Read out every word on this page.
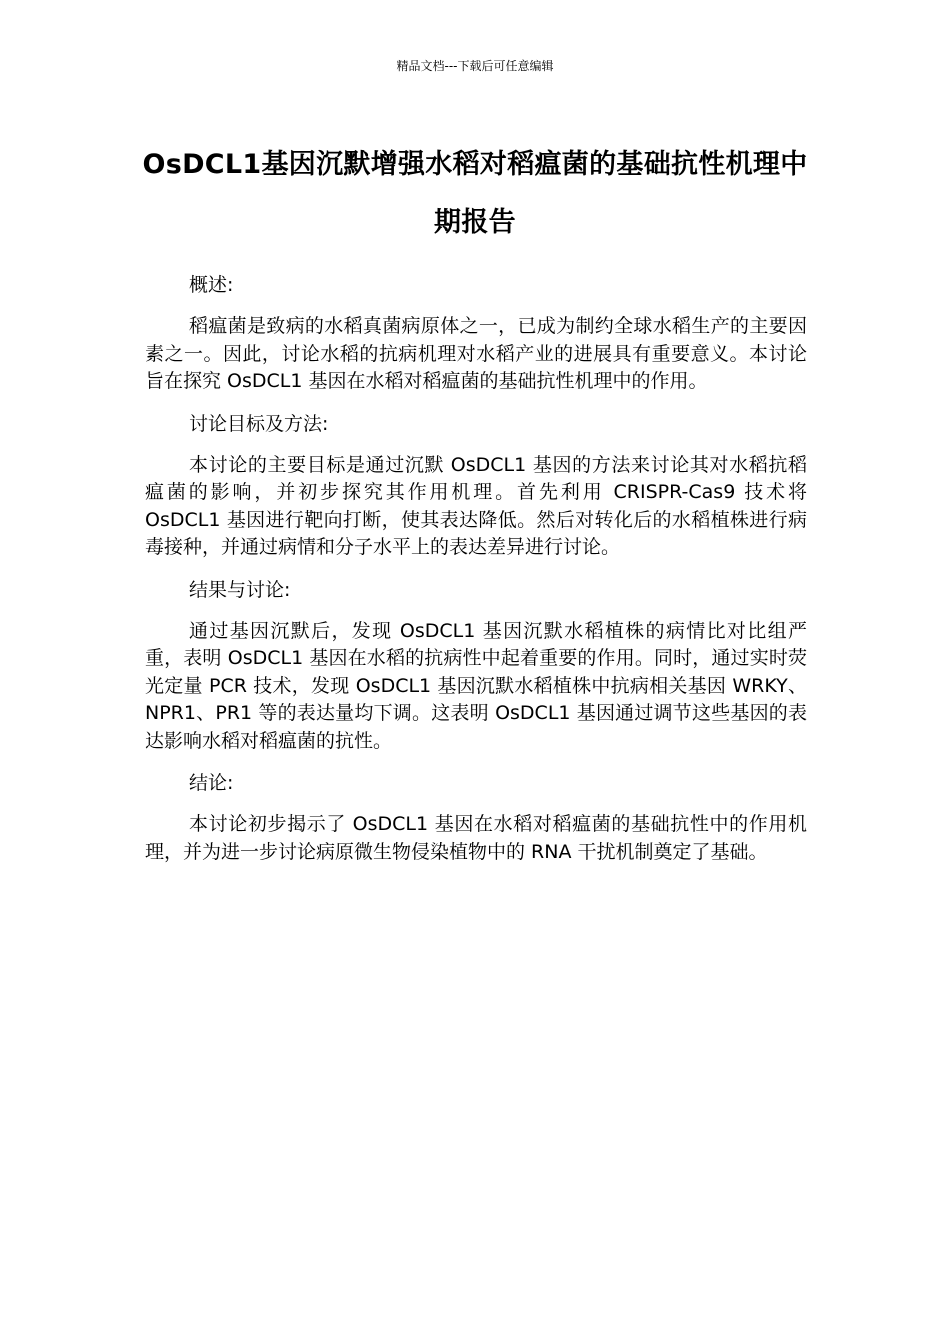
精品文档---下载后可任意编辑
OsDCL1基因沉默增强水稻对稻瘟菌的基础抗性机理中期报告

概述:

稻瘟菌是致病的水稻真菌病原体之一，已成为制约全球水稻生产的主要因素之一。因此，讨论水稻的抗病机理对水稻产业的进展具有重要意义。本讨论旨在探究 OsDCL1 基因在水稻对稻瘟菌的基础抗性机理中的作用。

讨论目标及方法:

本讨论的主要目标是通过沉默 OsDCL1 基因的方法来讨论其对水稻抗稻瘟菌的影响，并初步探究其作用机理。首先利用 CRISPR-Cas9 技术将 OsDCL1 基因进行靶向打断，使其表达降低。然后对转化后的水稻植株进行病毒接种，并通过病情和分子水平上的表达差异进行讨论。

结果与讨论:

通过基因沉默后，发现 OsDCL1 基因沉默水稻植株的病情比对比组严重，表明 OsDCL1 基因在水稻的抗病性中起着重要的作用。同时，通过实时荧光定量 PCR 技术，发现 OsDCL1 基因沉默水稻植株中抗病相关基因 WRKY、NPR1、PR1 等的表达量均下调。这表明 OsDCL1 基因通过调节这些基因的表达影响水稻对稻瘟菌的抗性。

结论:

本讨论初步揭示了 OsDCL1 基因在水稻对稻瘟菌的基础抗性中的作用机理，并为进一步讨论病原微生物侵染植物中的 RNA 干扰机制奠定了基础。
